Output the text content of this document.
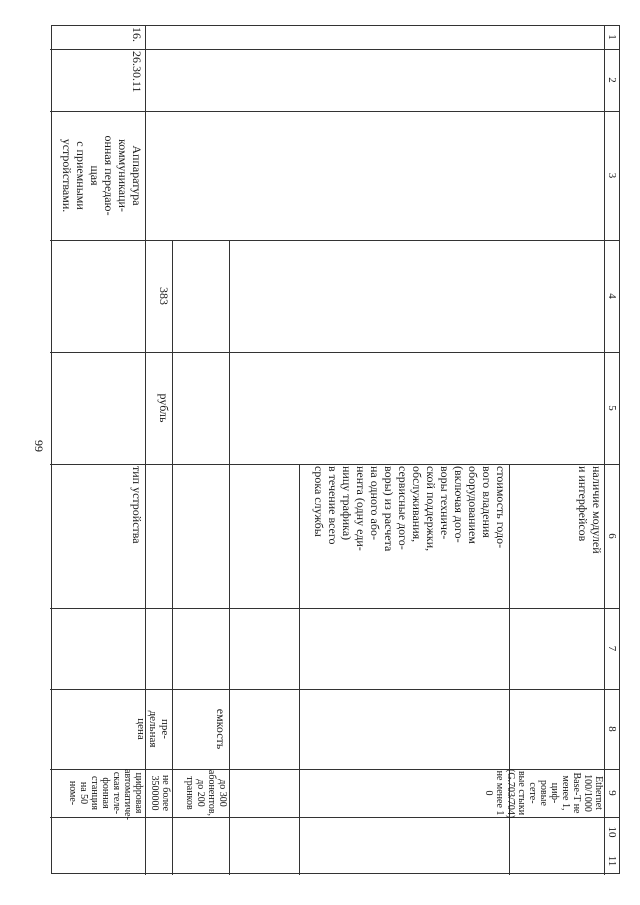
99
1
2
3
4
5
6
7
8
9
10
11
наличие модулей
и интерфейсов
Ethernet
100/1000
Base-T не
менее 1, циф-
ровые сете-
вые стыки
(G.703/704)
не менее 1
0
стоимость годо-
вого владения
оборудованием
(включая дого-
воры техниче-
ской поддержки,
обслуживания,
сервисные дого-
воры) из расчета
на одного або-
нента (одну еди-
ницу трафика)
в течение всего
срока службы
емкость
до 300
абонентов,
до 200
транков
383
рубль
пре-
дельная
цена
не более
3500000
16.
26.30.11
Аппаратура
коммуникаци-
онная передаю-
щая
с приемными
устройствами.
тип устройства
цифровая
автоматиче-
ская теле-
фонная
станция
на 50 номе-
